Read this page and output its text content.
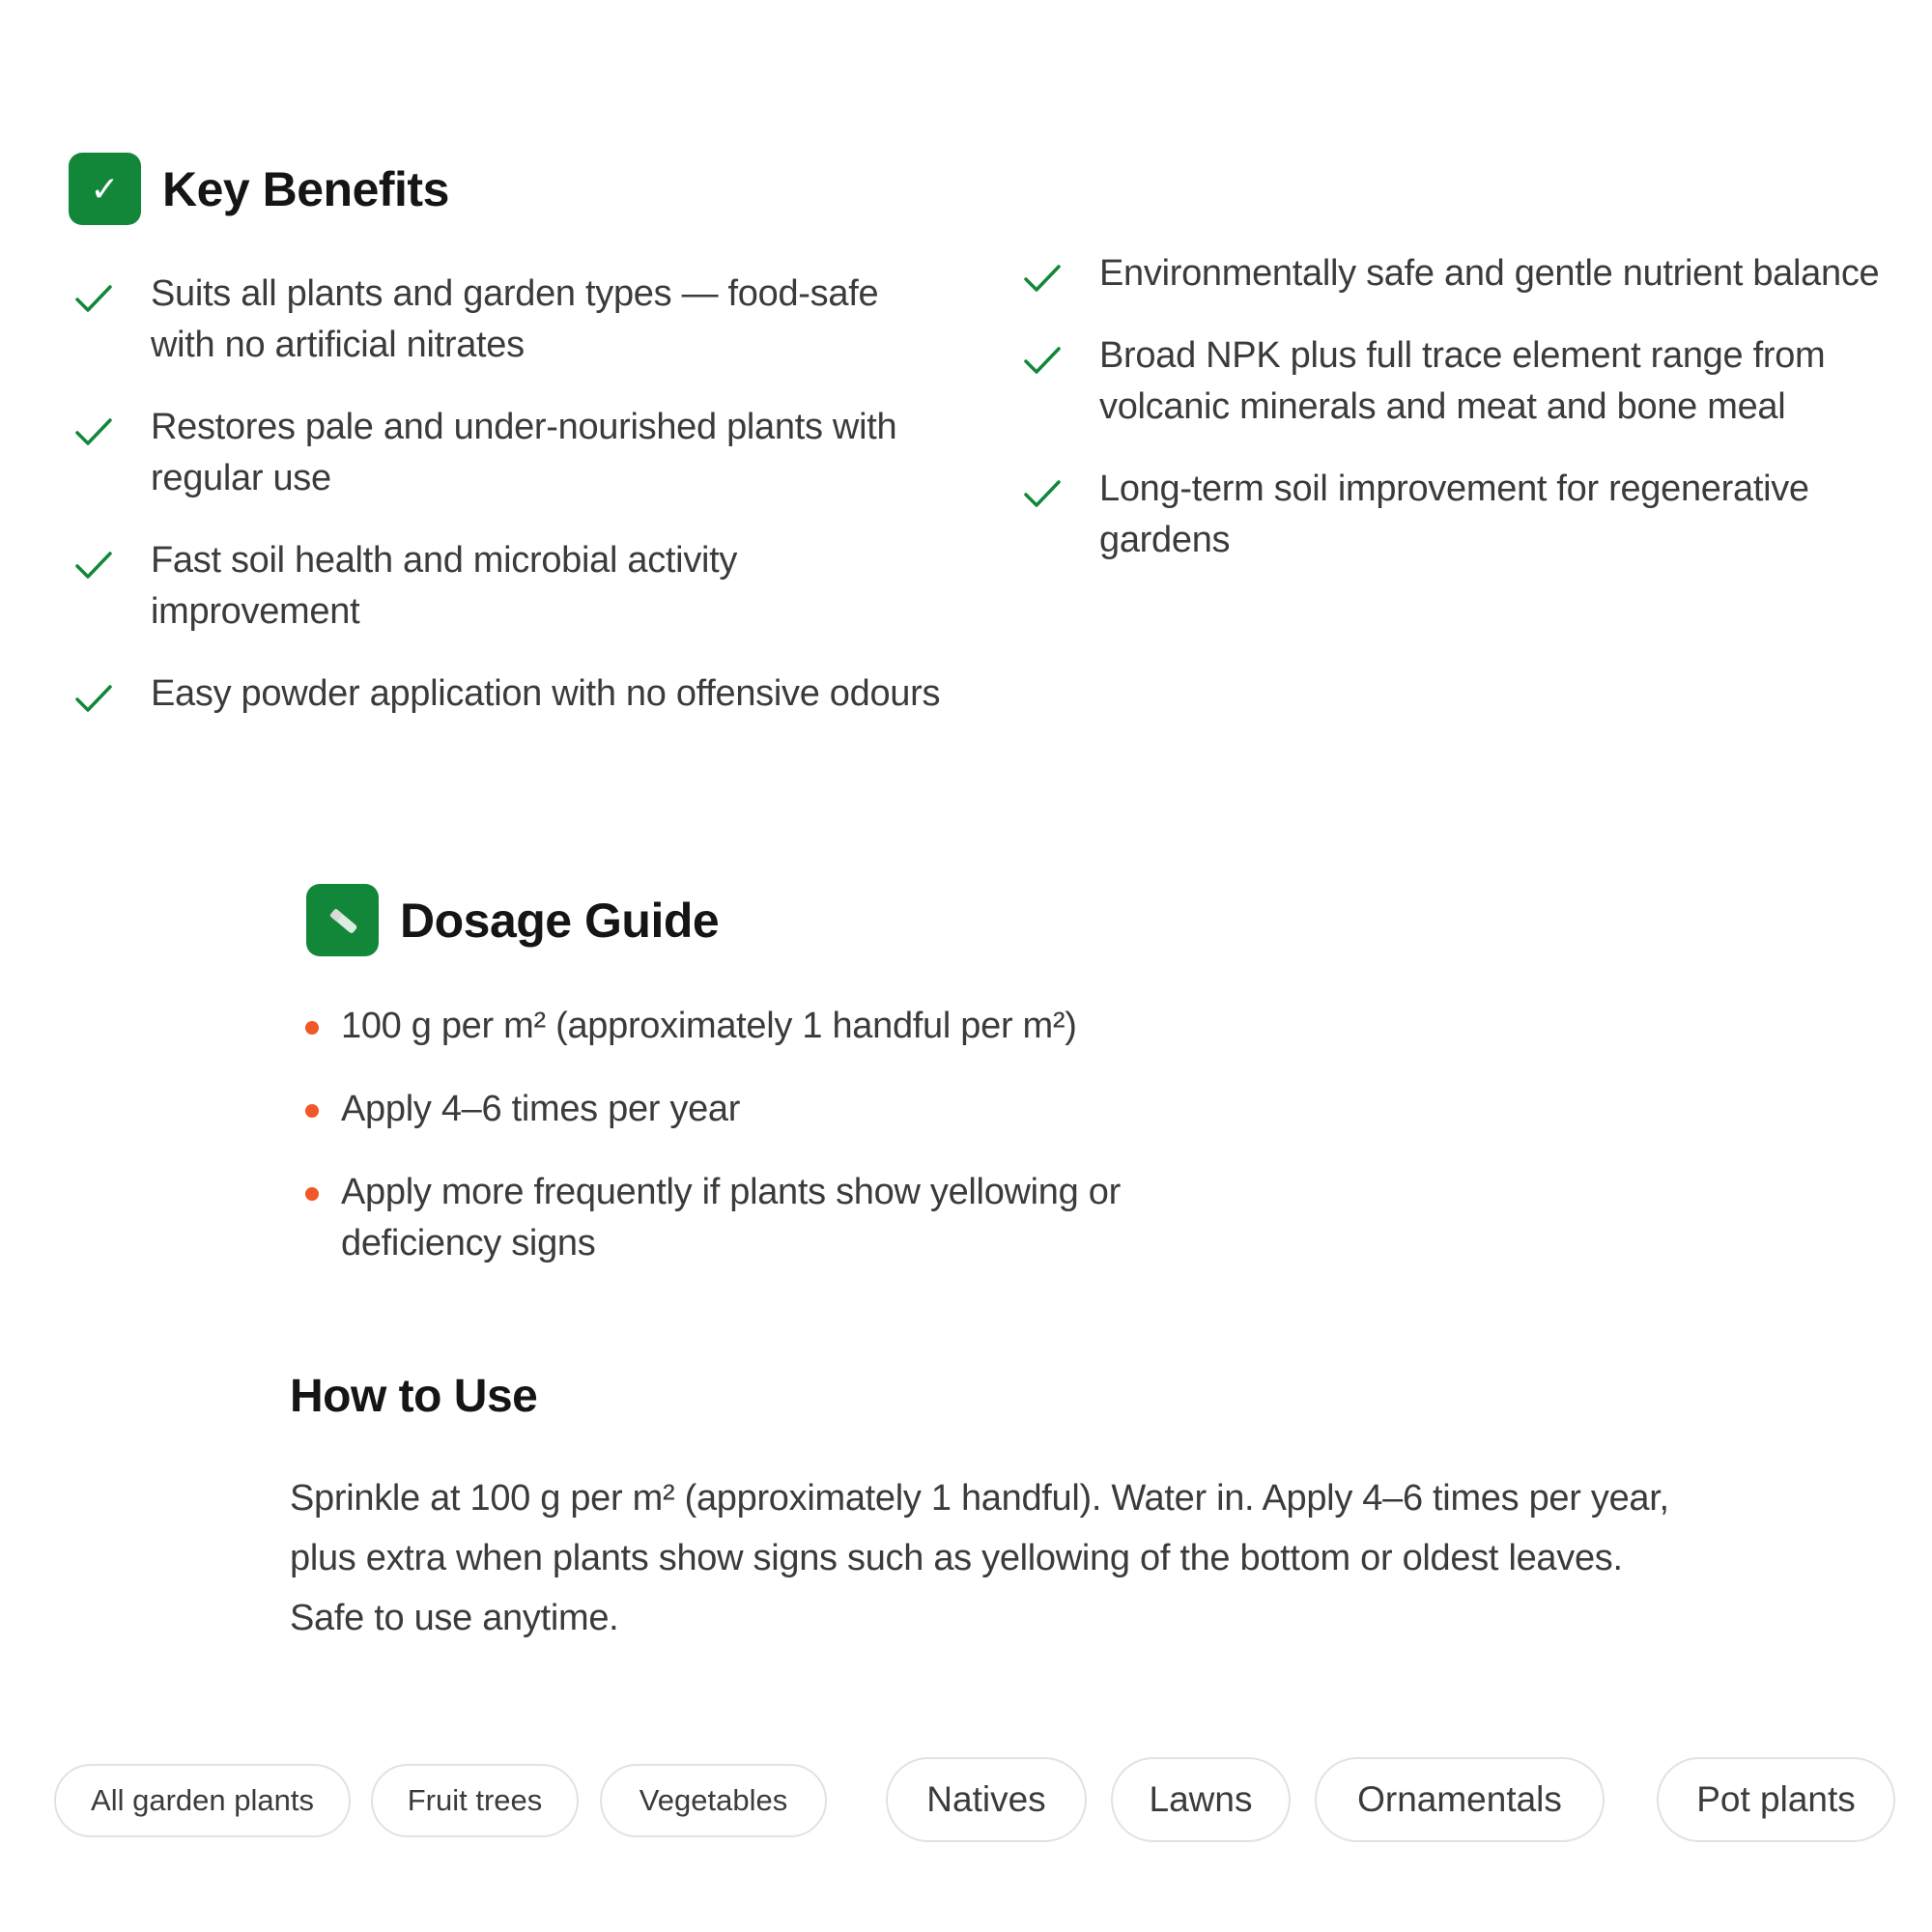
✓ Key Benefits
Suits all plants and garden types — food-safe with no artificial nitrates
Restores pale and under-nourished plants with regular use
Fast soil health and microbial activity improvement
Easy powder application with no offensive odours
Environmentally safe and gentle nutrient balance
Broad NPK plus full trace element range from volcanic minerals and meat and bone meal
Long-term soil improvement for regenerative gardens
Dosage Guide
100 g per m² (approximately 1 handful per m²)
Apply 4–6 times per year
Apply more frequently if plants show yellowing or deficiency signs
How to Use
Sprinkle at 100 g per m² (approximately 1 handful). Water in. Apply 4–6 times per year, plus extra when plants show signs such as yellowing of the bottom or oldest leaves. Safe to use anytime.
All garden plants	Fruit trees	Vegetables	Natives	Lawns	Ornamentals	Pot plants
